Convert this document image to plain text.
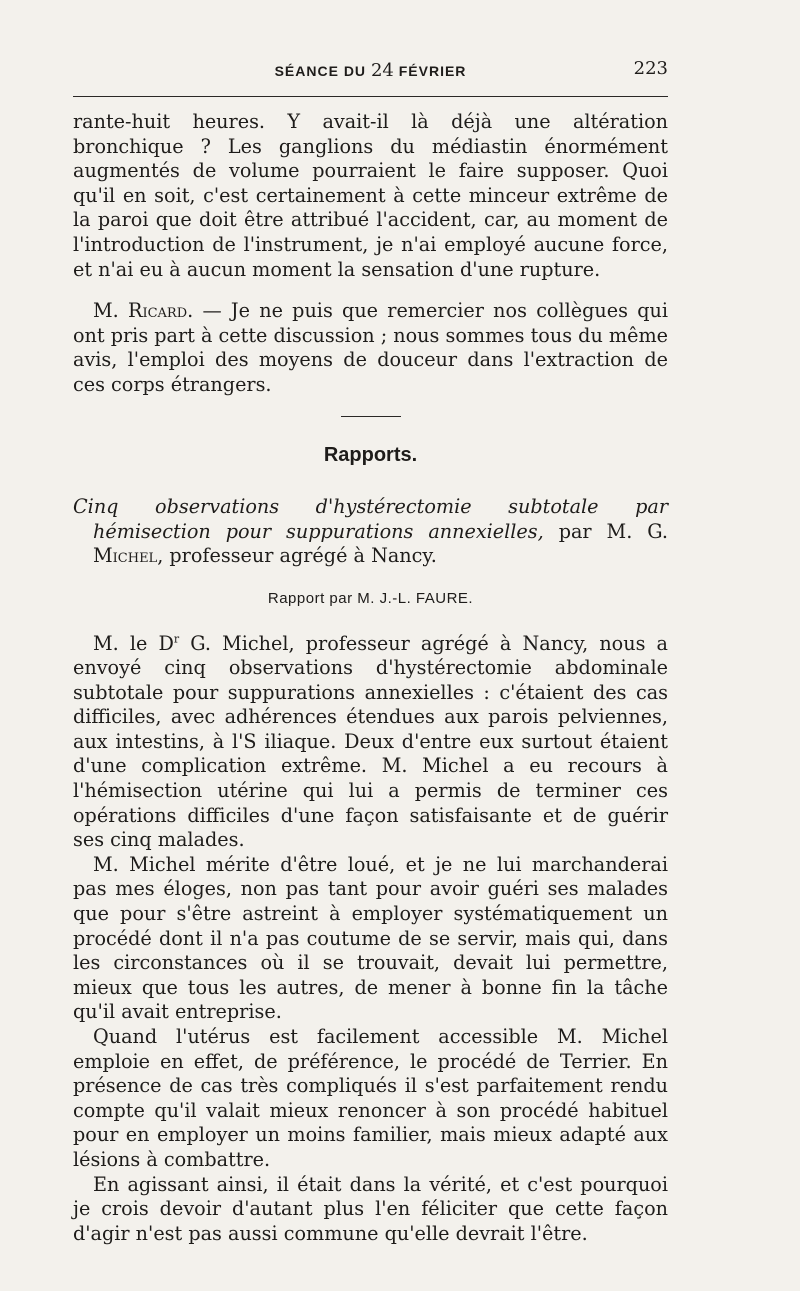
SÉANCE DU 24 FÉVRIER	223

rante-huit heures. Y avait-il là déjà une altération bronchique ? Les ganglions du médiastin énormément augmentés de volume pourraient le faire supposer. Quoi qu'il en soit, c'est certainement à cette minceur extrême de la paroi que doit être attribué l'accident, car, au moment de l'introduction de l'instrument, je n'ai employé aucune force, et n'ai eu à aucun moment la sensation d'une rupture.

M. Ricard. — Je ne puis que remercier nos collègues qui ont pris part à cette discussion ; nous sommes tous du même avis, l'emploi des moyens de douceur dans l'extraction de ces corps étrangers.

Rapports.

Cinq observations d'hystérectomie subtotale par hémisection pour suppurations annexielles, par M. G. Michel, professeur agrégé à Nancy.

Rapport par M. J.-L. FAURE.

M. le $D^r$ G. Michel, professeur agrégé à Nancy, nous a envoyé cinq observations d'hystérectomie abdominale subtotale pour suppurations annexielles : c'étaient des cas difficiles, avec adhérences étendues aux parois pelviennes, aux intestins, à l'S iliaque. Deux d'entre eux surtout étaient d'une complication extrême. M. Michel a eu recours à l'hémisection utérine qui lui a permis de terminer ces opérations difficiles d'une façon satisfaisante et de guérir ses cinq malades.

M. Michel mérite d'être loué, et je ne lui marchanderai pas mes éloges, non pas tant pour avoir guéri ses malades que pour s'être astreint à employer systématiquement un procédé dont il n'a pas coutume de se servir, mais qui, dans les circonstances où il se trouvait, devait lui permettre, mieux que tous les autres, de mener à bonne fin la tâche qu'il avait entreprise.

Quand l'utérus est facilement accessible M. Michel emploie en effet, de préférence, le procédé de Terrier. En présence de cas très compliqués il s'est parfaitement rendu compte qu'il valait mieux renoncer à son procédé habituel pour en employer un moins familier, mais mieux adapté aux lésions à combattre.

En agissant ainsi, il était dans la vérité, et c'est pourquoi je crois devoir d'autant plus l'en féliciter que cette façon d'agir n'est pas aussi commune qu'elle devrait l'être.
